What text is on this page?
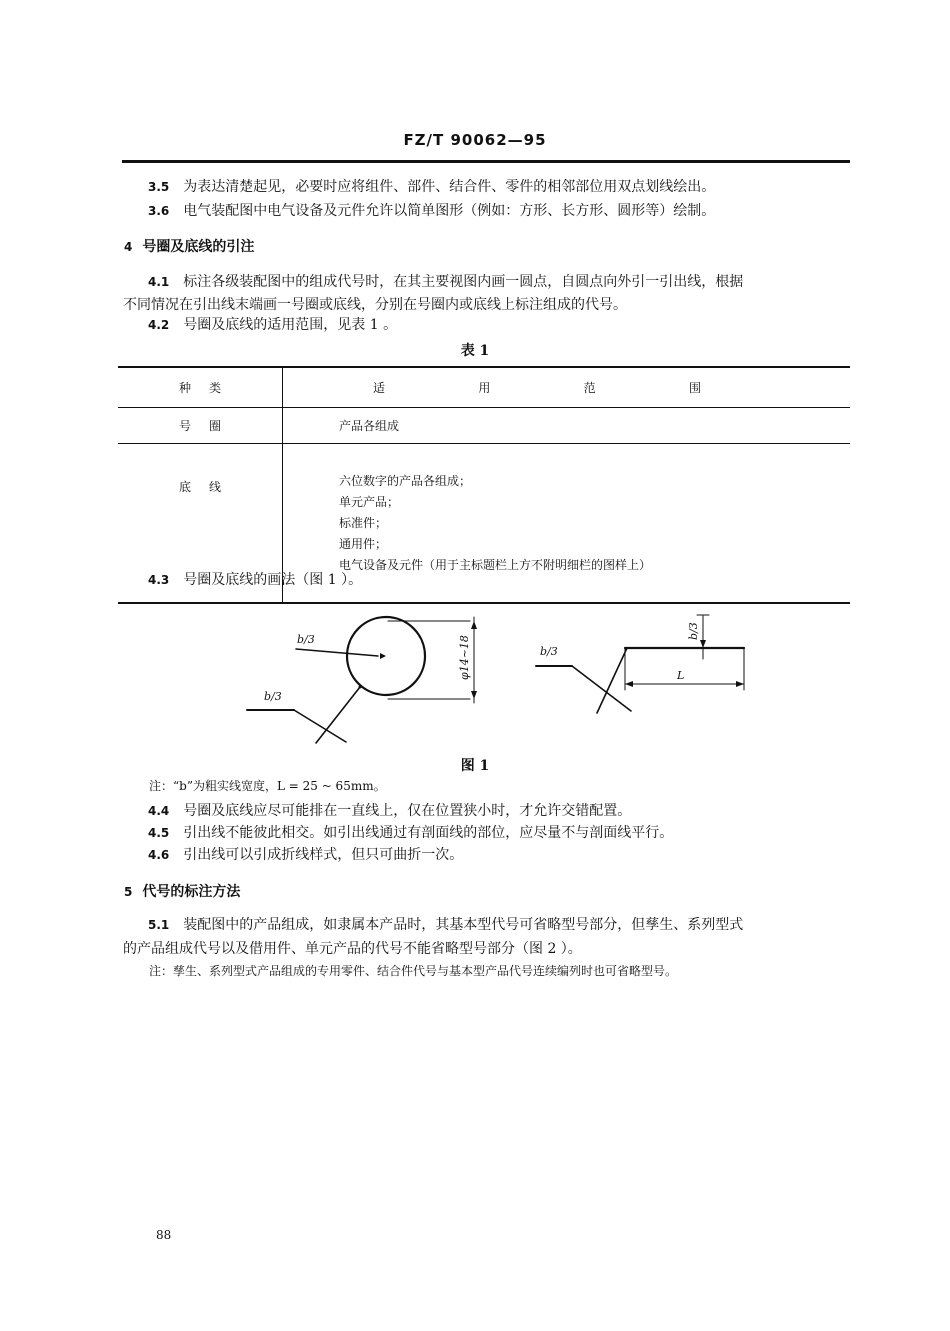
FZ/T 90062—95
3.5 为表达清楚起见，必要时应将组件、部件、结合件、零件的相邻部位用双点划线绘出。
3.6 电气装配图中电气设备及元件允许以简单图形（例如：方形、长方形、圆形等）绘制。
4 号圈及底线的引注
4.1 标注各级装配图中的组成代号时，在其主要视图内画一圆点，自圆点向外引一引出线，根据
不同情况在引出线末端画一号圈或底线，分别在号圈内或底线上标注组成的代号。
4.2 号圈及底线的适用范围，见表 1 。
表 1
种类	适 用 范 围

号圈	产品各组成
底线	六位数字的产品各组成；
单元产品；
标准件；
通用件；
电气设备及元件（用于主标题栏上方不附明细栏的图样上）
4.3 号圈及底线的画法（图 1 ）。
b/3
b/3
b/3
φ14~18
b/3
L
图 1
注：“b”为粗实线宽度，L = 25 ~ 65mm。
4.4 号圈及底线应尽可能排在一直线上，仅在位置狭小时，才允许交错配置。
4.5 引出线不能彼此相交。如引出线通过有剖面线的部位，应尽量不与剖面线平行。
4.6 引出线可以引成折线样式，但只可曲折一次。
5 代号的标注方法
5.1 装配图中的产品组成，如隶属本产品时，其基本型代号可省略型号部分，但孳生、系列型式
的产品组成代号以及借用件、单元产品的代号不能省略型号部分（图 2 ）。
注：孳生、系列型式产品组成的专用零件、结合件代号与基本型产品代号连续编列时也可省略型号。
88
